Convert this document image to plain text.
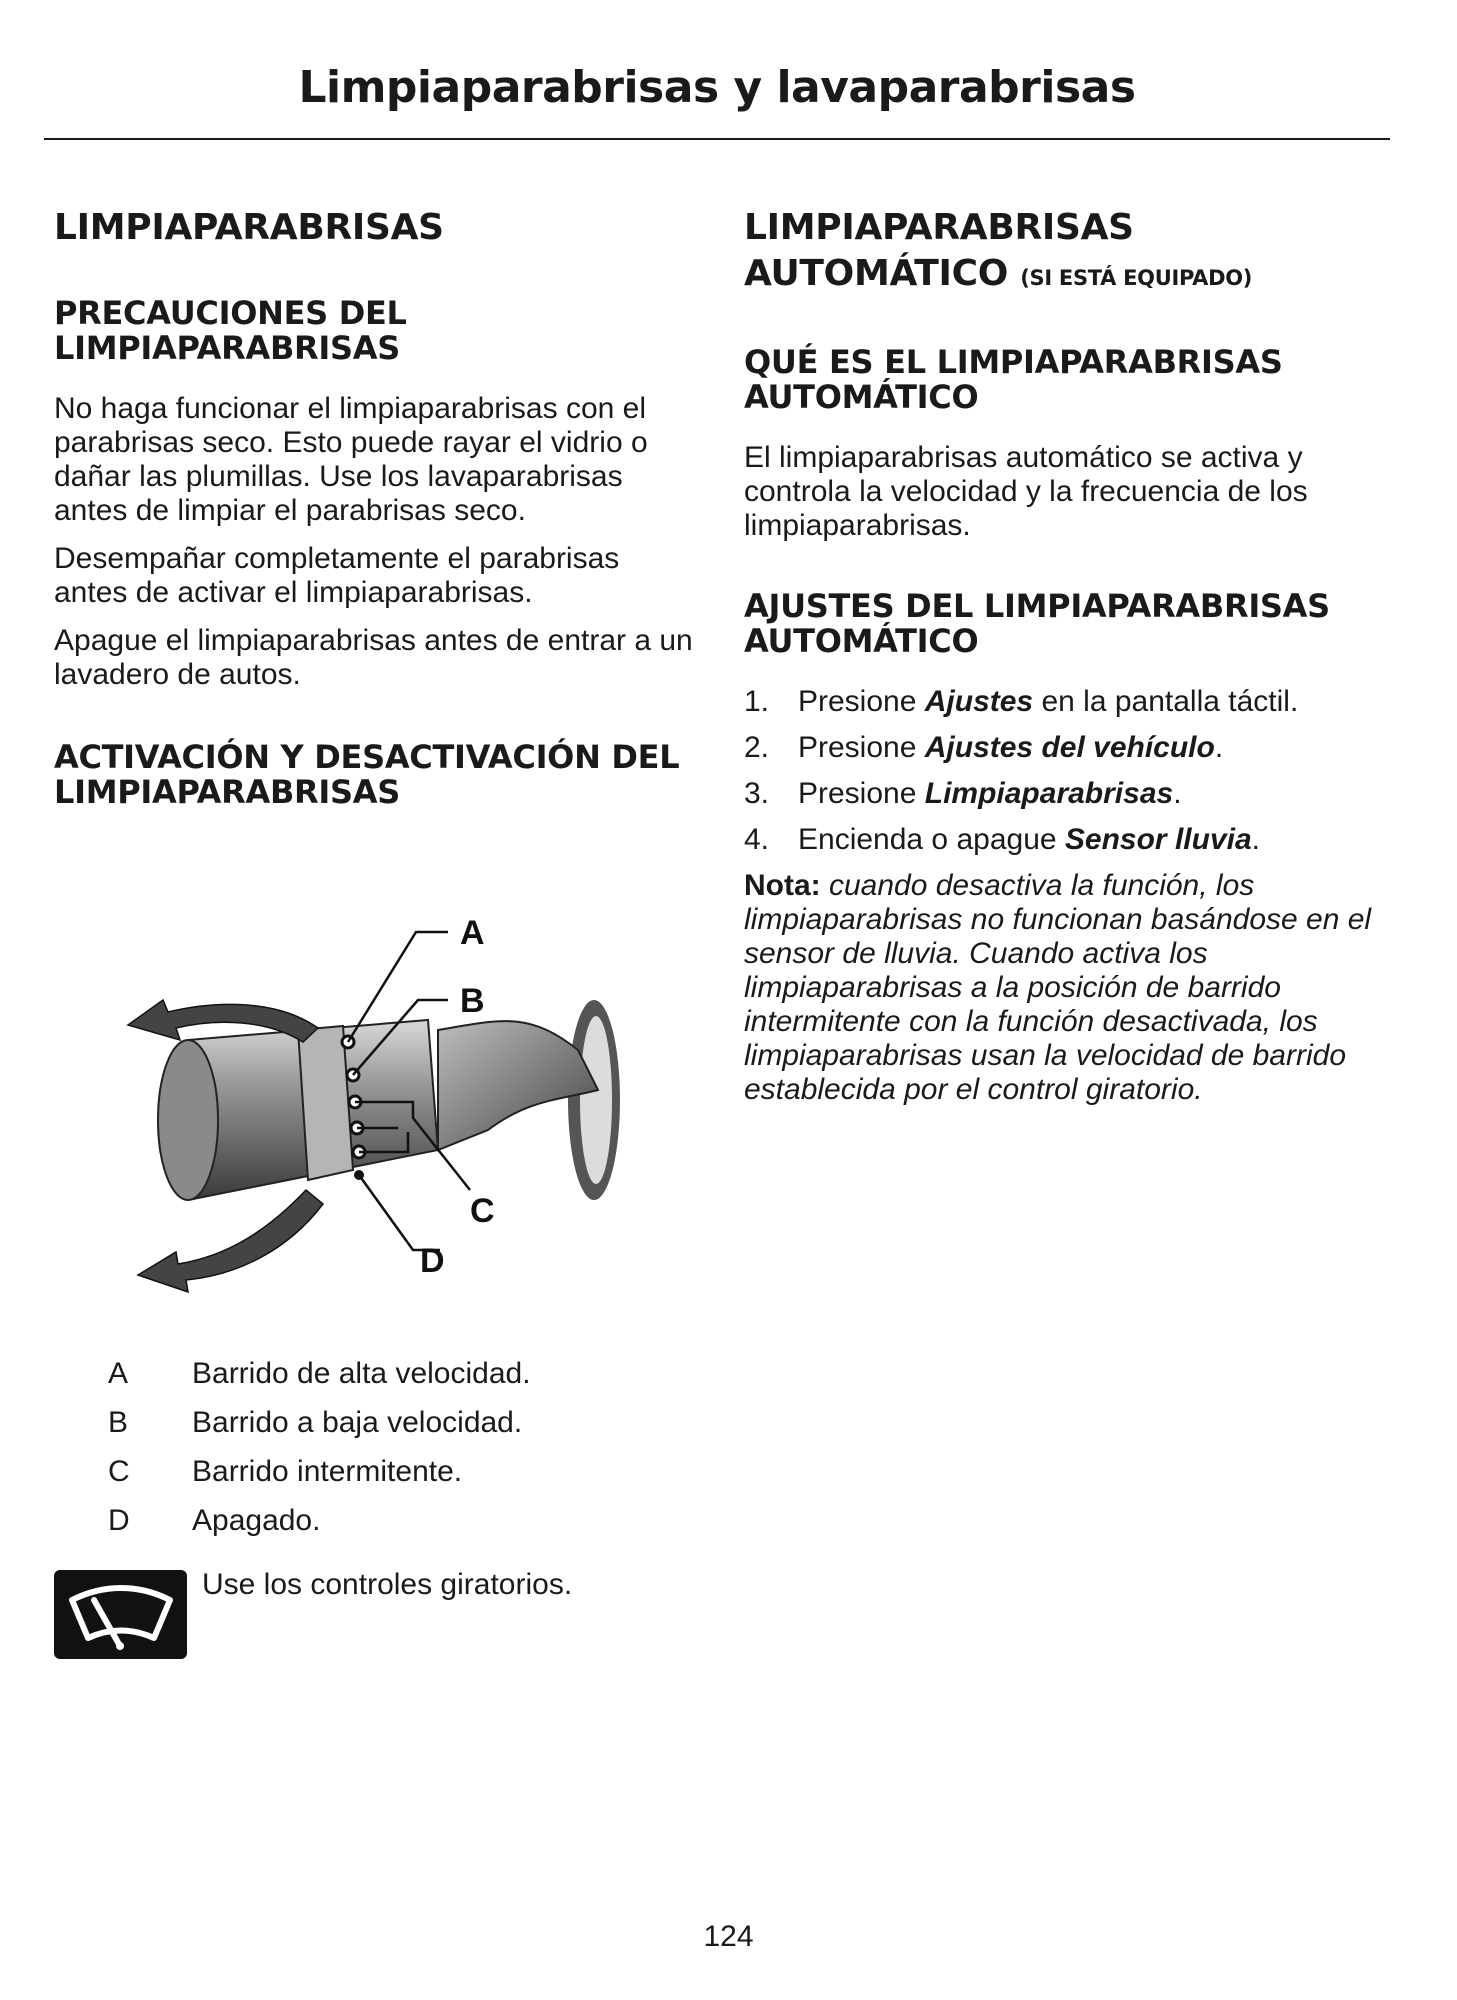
Limpiaparabrisas y lavaparabrisas
LIMPIAPARABRISAS
PRECAUCIONES DEL LIMPIAPARABRISAS

No haga funcionar el limpiaparabrisas con el parabrisas seco. Esto puede rayar el vidrio o dañar las plumillas. Use los lavaparabrisas antes de limpiar el parabrisas seco.

Desempañar completamente el parabrisas antes de activar el limpiaparabrisas.

Apague el limpiaparabrisas antes de entrar a un lavadero de autos.

ACTIVACIÓN Y DESACTIVACIÓN DEL LIMPIAPARABRISAS
A
B
C
D
A	Barrido de alta velocidad.
B	Barrido a baja velocidad.
C	Barrido intermitente.
D	Apagado.

Use los controles giratorios.

LIMPIAPARABRISAS
AUTOMÁTICO (SI ESTÁ EQUIPADO)
QUÉ ES EL LIMPIAPARABRISAS AUTOMÁTICO

El limpiaparabrisas automático se activa y controla la velocidad y la frecuencia de los limpiaparabrisas.

AJUSTES DEL LIMPIAPARABRISAS AUTOMÁTICO
1. Presione Ajustes en la pantalla táctil.
2. Presione Ajustes del vehículo.
3. Presione Limpiaparabrisas.
4. Encienda o apague Sensor lluvia.

Nota: cuando desactiva la función, los limpiaparabrisas no funcionan basándose en el sensor de lluvia. Cuando activa los limpiaparabrisas a la posición de barrido intermitente con la función desactivada, los limpiaparabrisas usan la velocidad de barrido establecida por el control giratorio.

124
